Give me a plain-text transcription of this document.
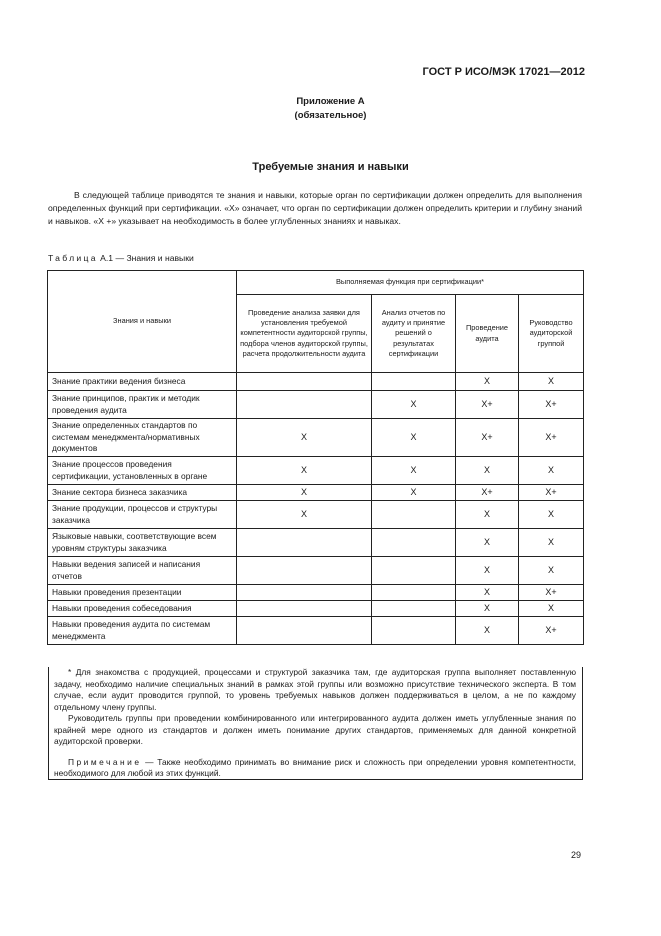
ГОСТ Р ИСО/МЭК 17021—2012
Приложение А
(обязательное)
Требуемые знания и навыки
В следующей таблице приводятся те знания и навыки, которые орган по сертификации должен определить для выполнения определенных функций при сертификации. «X» означает, что орган по сертификации должен определить критерии и глубину знаний и навыков. «X +» указывает на необходимость в более углубленных знаниях и навыках.
Таблица А.1 — Знания и навыки
Знания и навыки	Выполняемая функция при сертификации*			
	Проведение анализа заявки для установления требуемой компетентности аудиторской группы, подбора членов аудиторской группы, расчета продолжительности аудита	Анализ отчетов по аудиту и принятие решений о результатах сертификации	Проведение аудита	Руководство аудиторской группой
Знание практики ведения бизнеса			X	X
Знание принципов, практик и методик проведения аудита		X	X+	X+
Знание определенных стандартов по системам менеджмента/нормативных документов	X	X	X+	X+
Знание процессов проведения сертификации, установленных в органе	X	X	X	X
Знание сектора бизнеса заказчика	X	X	X+	X+
Знание продукции, процессов и структуры заказчика	X		X	X
Языковые навыки, соответствующие всем уровням структуры заказчика			X	X
Навыки ведения записей и написания отчетов			X	X
Навыки проведения презентации			X	X+
Навыки проведения собеседования			X	X
Навыки проведения аудита по системам менеджмента			X	X+

* Для знакомства с продукцией, процессами и структурой заказчика там, где аудиторская группа выполняет поставленную задачу, необходимо наличие специальных знаний в рамках этой группы или возможно присутствие технического эксперта. В том случае, если аудит проводится группой, то уровень требуемых навыков должен поддерживаться в целом, а не по каждому отдельному члену группы.

Руководитель группы при проведении комбинированного или интегрированного аудита должен иметь углубленные знания по крайней мере одного из стандартов и должен иметь понимание других стандартов, применяемых для данной конкретной аудиторской проверки.

Примечание — Также необходимо принимать во внимание риск и сложность при определении уровня компетентности, необходимого для любой из этих функций.

29
